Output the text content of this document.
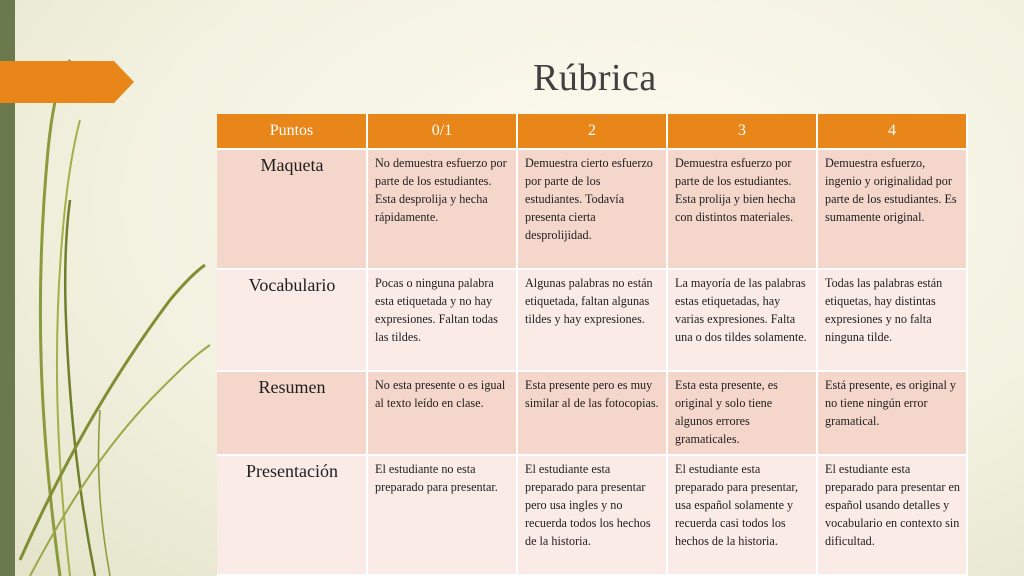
Rúbrica
Puntos	0/1	2	3	4
Maqueta	No demuestra esfuerzo por parte de los estudiantes. Esta desprolija y hecha rápidamente.	Demuestra cierto esfuerzo por parte de los estudiantes. Todavía presenta cierta desprolijidad.	Demuestra esfuerzo por parte de los estudiantes. Esta prolija y bien hecha con distintos materiales.	Demuestra esfuerzo, ingenio y originalidad por parte de los estudiantes. Es sumamente original.
Vocabulario	Pocas o ninguna palabra esta etiquetada y no hay expresiones. Faltan todas las tildes.	Algunas palabras no están etiquetada, faltan algunas tildes y hay expresiones.	La mayoría de las palabras estas etiquetadas, hay varias expresiones. Falta una o dos tildes solamente.	Todas las palabras están etiquetas, hay distintas expresiones y no falta ninguna tilde.
Resumen	No esta presente o es igual al texto leído en clase.	Esta presente pero es muy similar al de las fotocopias.	Esta esta presente, es original y solo tiene algunos errores gramaticales.	Está presente, es original y no tiene ningún error gramatical.
Presentación	El estudiante no esta preparado para presentar.	El estudiante esta preparado para presentar pero usa ingles y no recuerda todos los hechos de la historia.	El estudiante esta preparado para presentar, usa español solamente y recuerda casi todos los hechos de la historia.	El estudiante esta preparado para presentar en español usando detalles y vocabulario en contexto sin dificultad.
